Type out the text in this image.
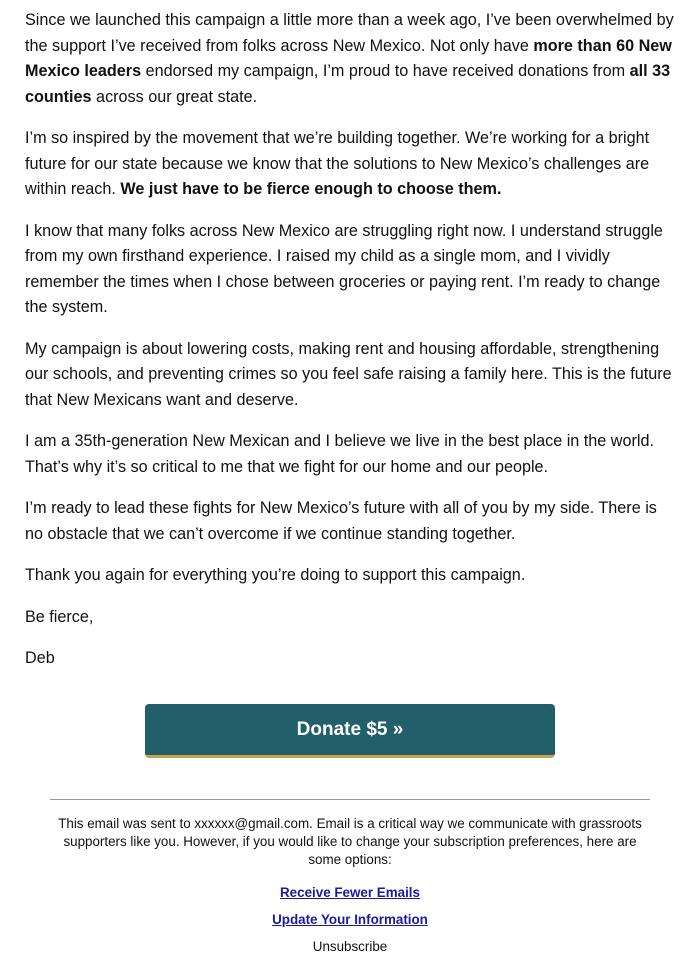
Since we launched this campaign a little more than a week ago, I’ve been overwhelmed by the support I’ve received from folks across New Mexico. Not only have more than 60 New Mexico leaders endorsed my campaign, I’m proud to have received donations from all 33 counties across our great state.

I’m so inspired by the movement that we’re building together. We’re working for a bright future for our state because we know that the solutions to New Mexico’s challenges are within reach. We just have to be fierce enough to choose them.

I know that many folks across New Mexico are struggling right now. I understand struggle from my own firsthand experience. I raised my child as a single mom, and I vividly remember the times when I chose between groceries or paying rent. I’m ready to change the system.

My campaign is about lowering costs, making rent and housing affordable, strengthening our schools, and preventing crimes so you feel safe raising a family here. This is the future that New Mexicans want and deserve.

I am a 35th-generation New Mexican and I believe we live in the best place in the world. That’s why it’s so critical to me that we fight for our home and our people.

I’m ready to lead these fights for New Mexico’s future with all of you by my side. There is no obstacle that we can’t overcome if we continue standing together.

Thank you again for everything you’re doing to support this campaign.

Be fierce,

Deb

Donate $5 »

This email was sent to xxxxxx@gmail.com. Email is a critical way we communicate with grassroots supporters like you. However, if you would like to change your subscription preferences, here are some options:

Receive Fewer Emails
Update Your Information
Unsubscribe
